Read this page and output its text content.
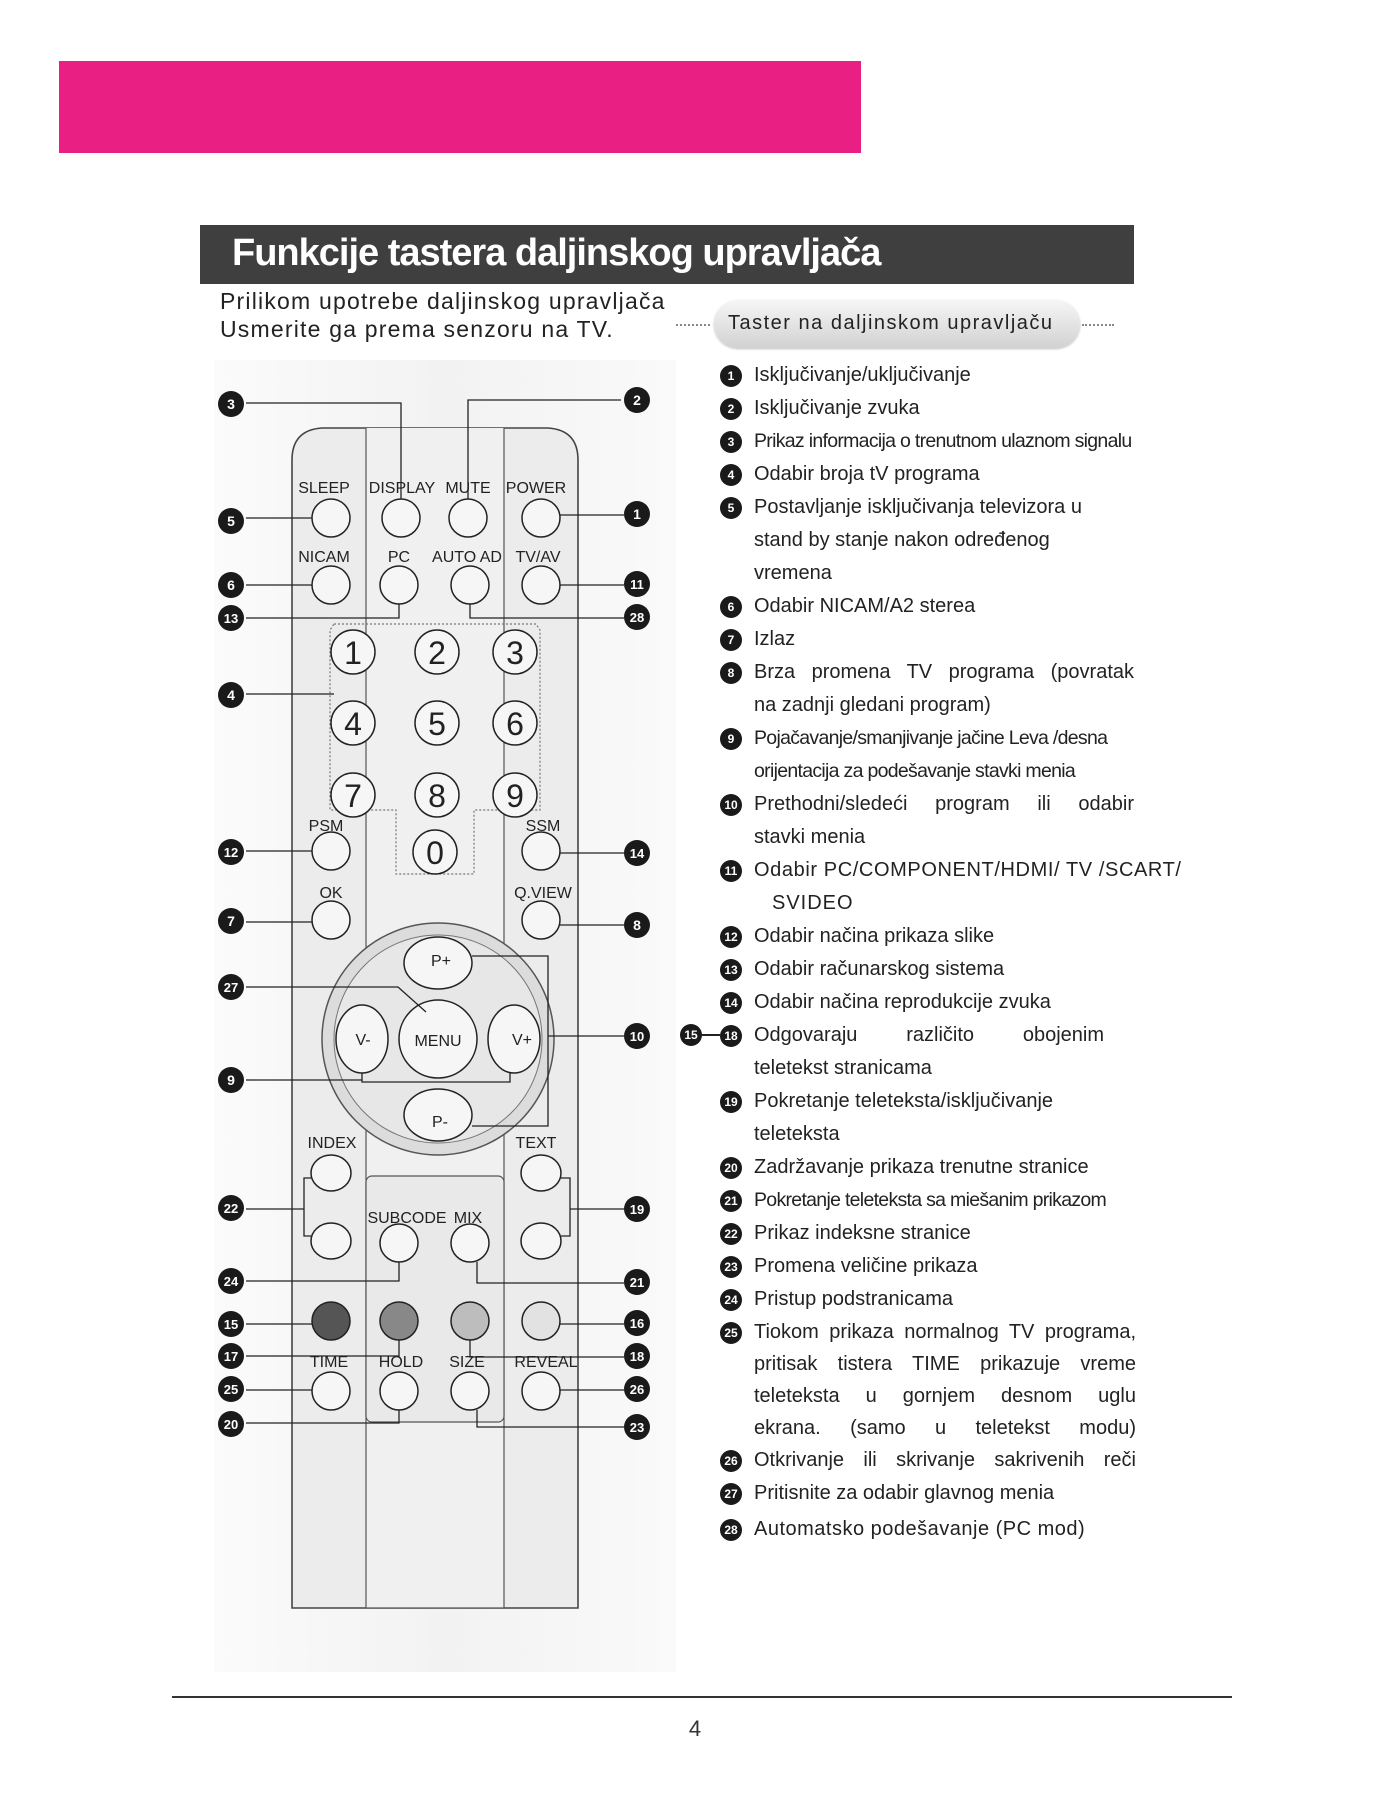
Funkcije tastera daljinskog upravljača
Prilikom upotrebe daljinskog upravljača
Usmerite ga prema senzoru na TV.	Taster na daljinskom upravljaču
SLEEP DISPLAY MUTE POWER
NICAM PC AUTO AD TV/AV
PSM	SSM
OK	Q.VIEW
INDEX	TEXT
SUBCODE MIX
TIME HOLD SIZE REVEAL
1 2 3
4 5 6
7 8 9
0
P+
P-
V-	V+
MENU
3	2
5	1
6	11
13	28
4
12	14
7	8
27
10
9
22	19
24	21
15	16
17	18
25	26
20	23
1 Isključivanje/uključivanje
2 Isključivanje zvuka
3	Prikaz informacija o trenutnom ulaznom signalu
4 Odabir broja tV programa
5 Postavljanje isključivanja televizora u
stand by stanje nakon određenog
vremena
6 Odabir NICAM/A2 sterea
7 Izlaz
8 Brza promena TV programa (povratak
na zadnji gledani program)
9	Pojačavanje/smanjivanje jačine Leva /desna
orijentacija za podešavanje stavki menia
10 Prethodni/sledeći program ili odabir
stavki menia
11 Odabir PC/COMPONENT/HDMI/ TV /SCART/
SVIDEO
12 Odabir načina prikaza slike
13 Odabir računarskog sistema
14 Odabir načina reprodukcije zvuka
18 Odgovaraju različito obojenim
teletekst stranicama
19 Pokretanje teleteksta/isključivanje
teleteksta
20 Zadržavanje prikaza trenutne stranice
21 Pokretanje teleteksta sa miešanim prikazom
22 Prikaz indeksne stranice
23 Promena veličine prikaza
24 Pristup podstranicama
25 Tiokom prikaza normalnog TV programa,
pritisak tistera TIME prikazuje vreme
teleteksta u gornjem desnom uglu
ekrana. (samo u teletekst modu)
26 Otkrivanje ili skrivanje sakrivenih reči
27 Pritisnite za odabir glavnog menia
28 Automatsko podešavanje (PC mod)
15
4
